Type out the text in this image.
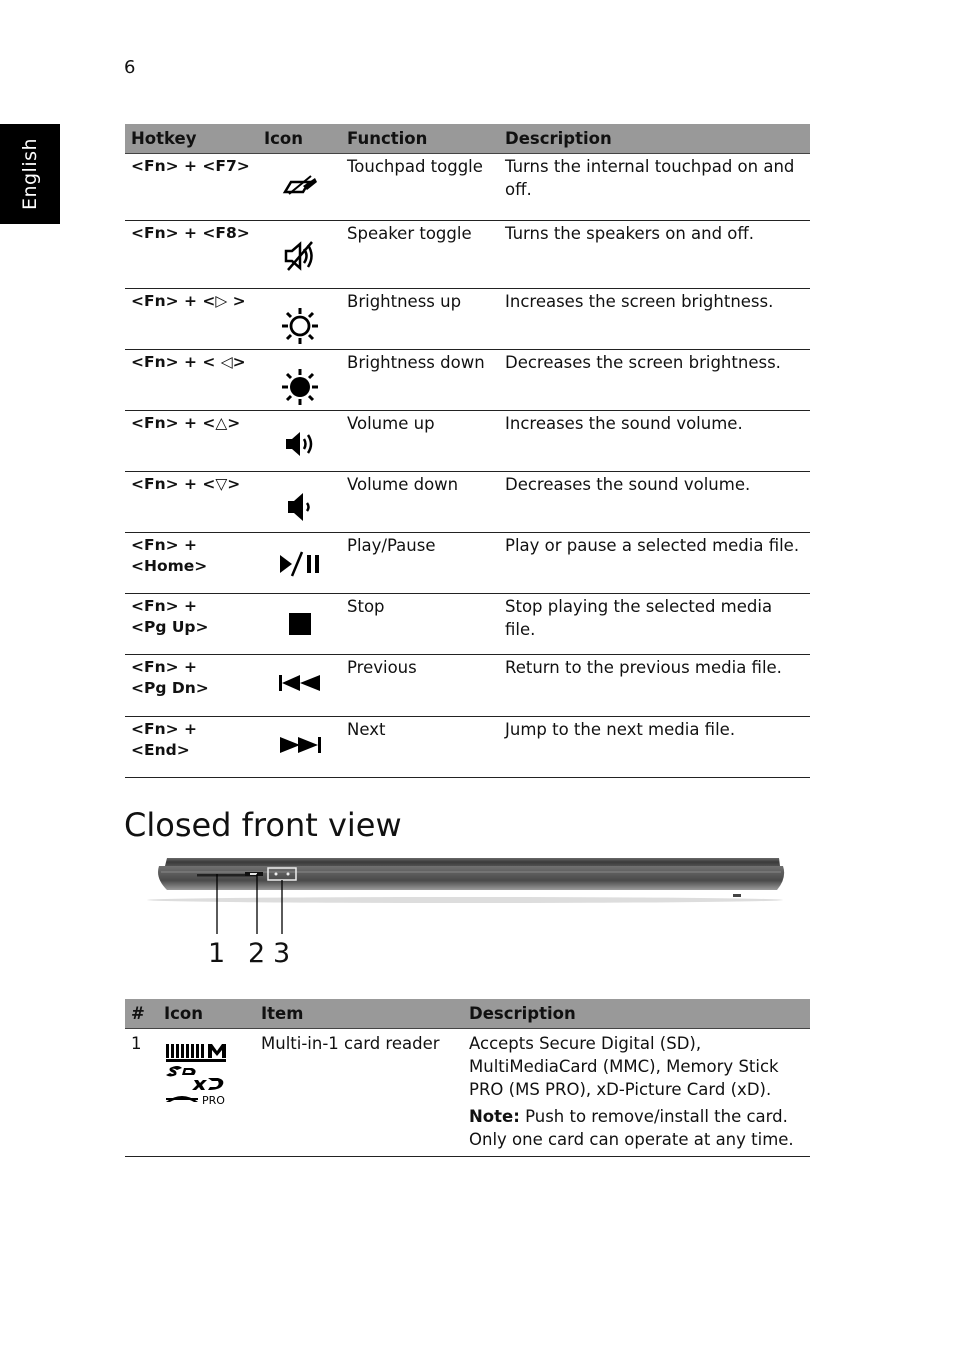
6
English	Hotkey	Icon	Function	Description
<Fn> + <F7>		Touchpad toggle	Turns the internal touchpad on and off.
<Fn> + <F8>		Speaker toggle	Turns the speakers on and off.
<Fn> + <▷ >		Brightness up	Increases the screen brightness.
<Fn> + < ◁>		Brightness down	Decreases the screen brightness.
<Fn> + <△>		Volume up	Increases the sound volume.
<Fn> + <▽>		Volume down	Decreases the sound volume.

<Fn> +
<Home>		Play/Pause	Play or pause a selected media file.

<Fn> +
<Pg Up>		Stop	Stop playing the selected media file.

<Fn> +
<Pg Dn>		Previous	Return to the previous media file.
<Fn> + <End>		Next	Jump to the next media file.
Closed front view
1 2 3
#	Icon	Item	Description
1	PRO	Multi-in-1 card reader	Accepts Secure Digital (SD), MultiMediaCard (MMC), Memory Stick PRO (MS PRO), xD-Picture Card (xD).
Note: Push to remove/install the card. Only one card can operate at any time.
